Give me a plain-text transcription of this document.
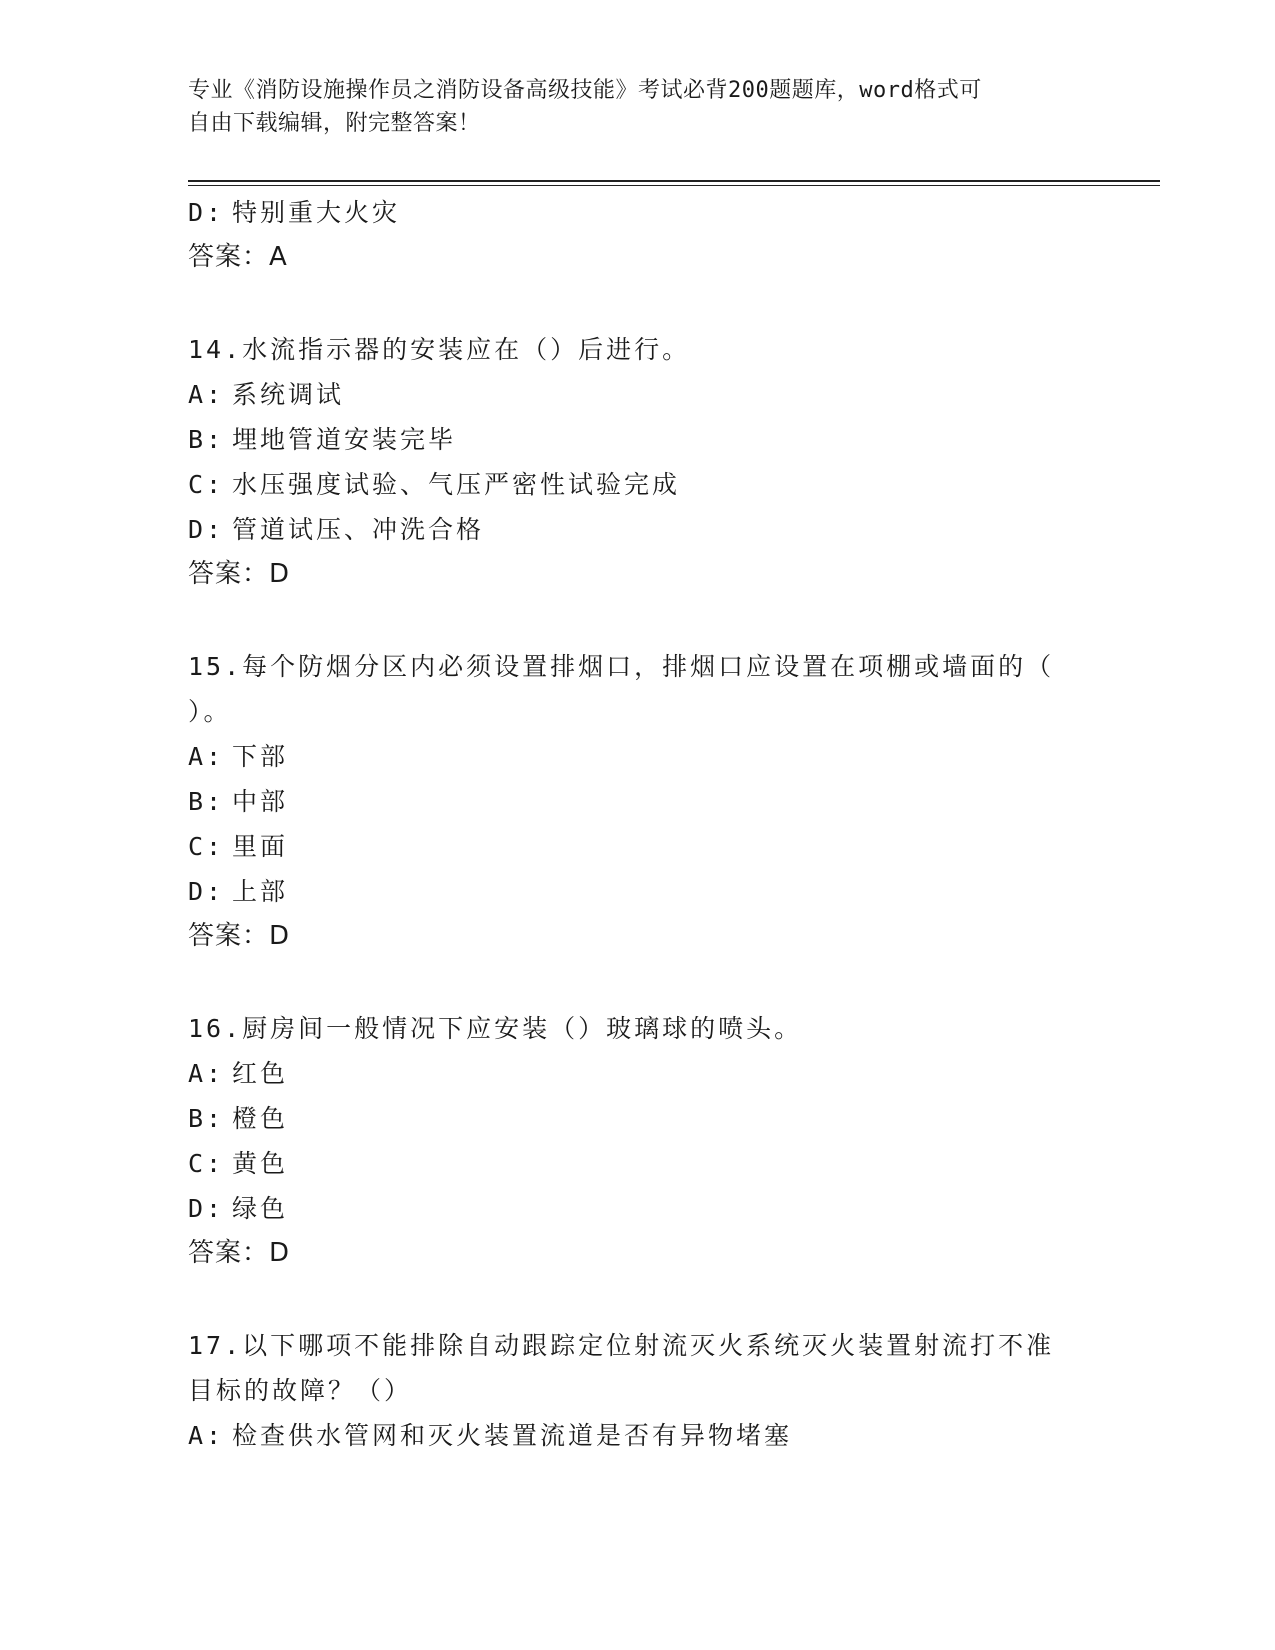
专业《消防设施操作员之消防设备高级技能》考试必背200题题库，word格式可
自由下载编辑，附完整答案！
D: 特别重大火灾
答案：A
14.水流指示器的安装应在（）后进行。
A: 系统调试
B: 埋地管道安装完毕
C: 水压强度试验、气压严密性试验完成
D: 管道试压、冲洗合格
答案：D
15.每个防烟分区内必须设置排烟口，排烟口应设置在项棚或墙面的（
）。
A: 下部
B: 中部
C: 里面
D: 上部
答案：D
16.厨房间一般情况下应安装（）玻璃球的喷头。
A: 红色
B: 橙色
C: 黄色
D: 绿色
答案：D
17.以下哪项不能排除自动跟踪定位射流灭火系统灭火装置射流打不准
目标的故障？（）
A: 检查供水管网和灭火装置流道是否有异物堵塞
